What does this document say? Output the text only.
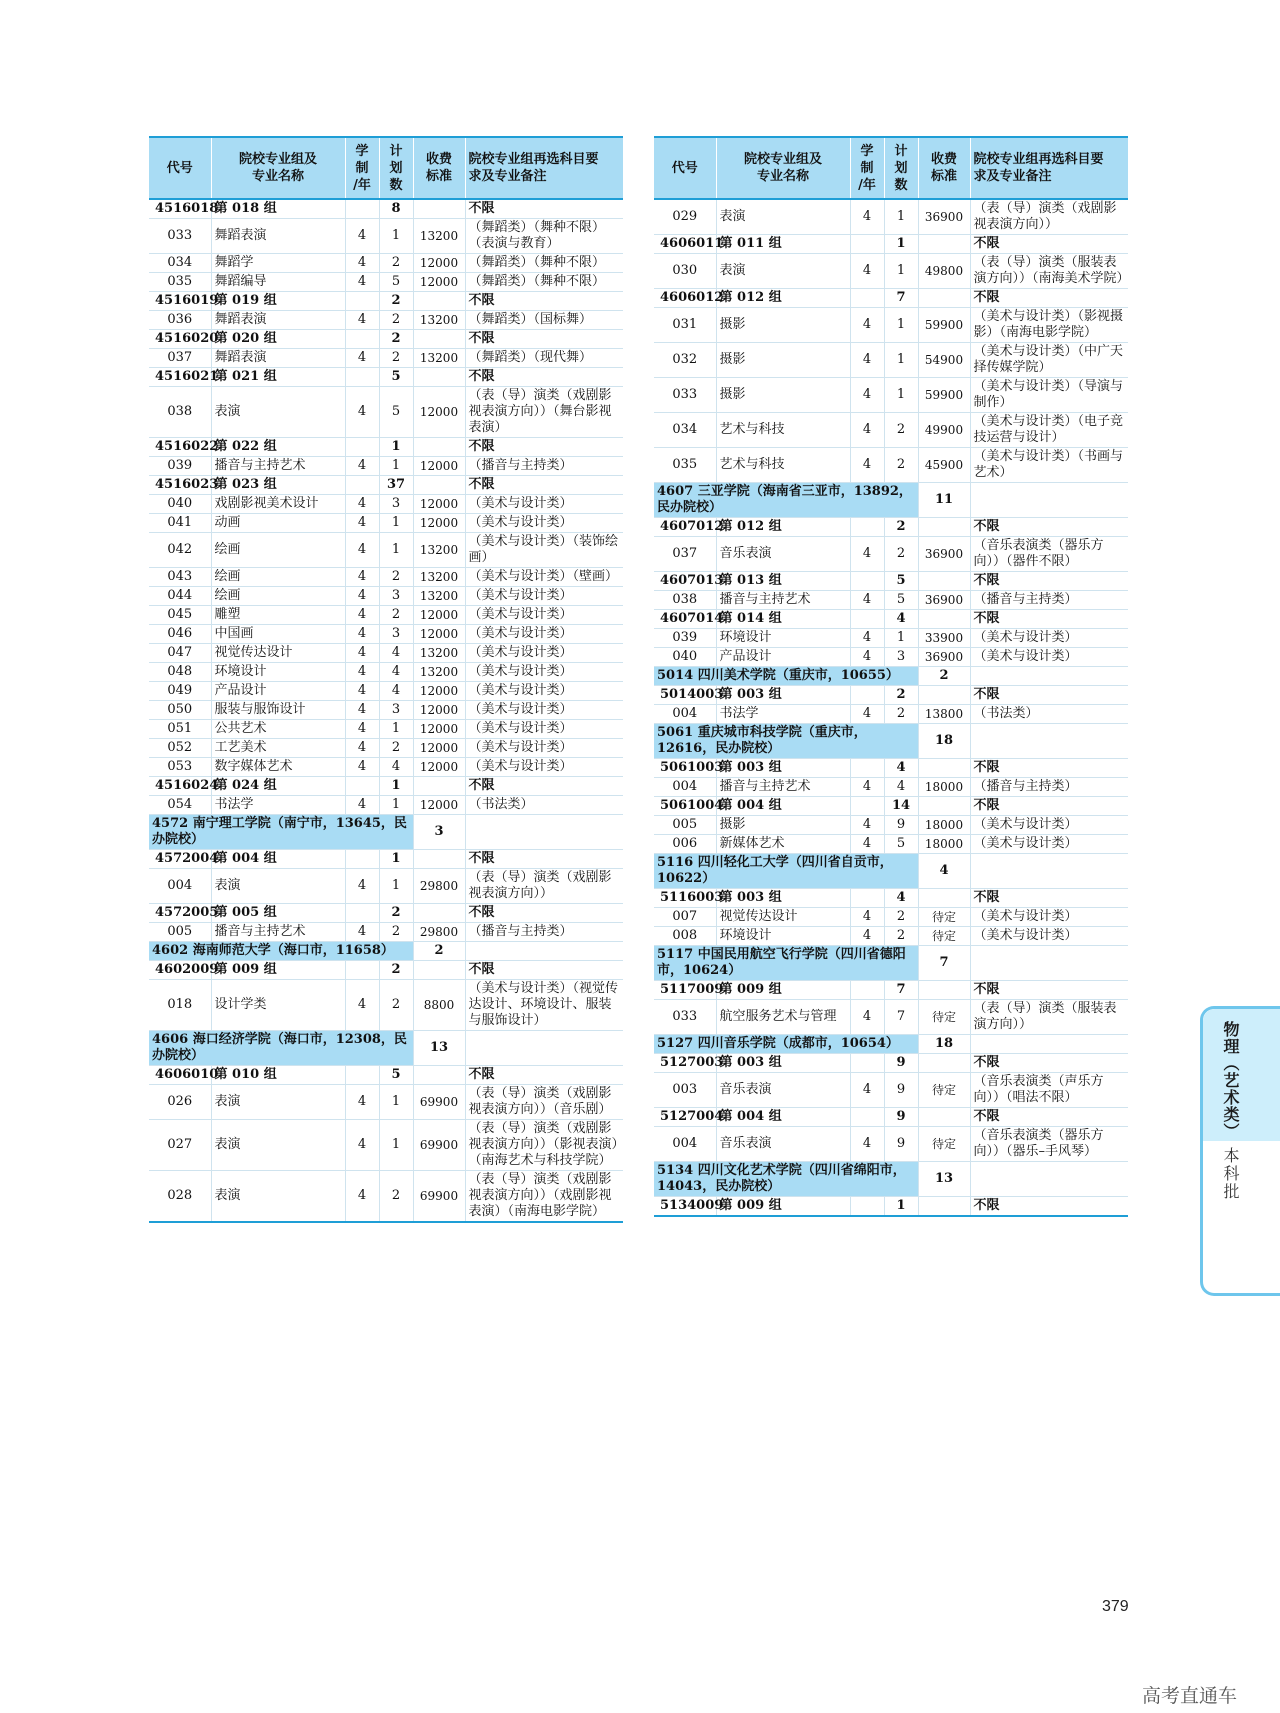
代号	院校专业组及
专业名称	学
制
/年	计
划
数	收费
标准	院校专业组再选科目要
求及专业备注
4516018	第 018 组		8		不限
033	舞蹈表演	4	1	13200	（舞蹈类）（舞种不限）（表演与教育）
034	舞蹈学	4	2	12000	（舞蹈类）（舞种不限）
035	舞蹈编导	4	5	12000	（舞蹈类）（舞种不限）
4516019	第 019 组		2		不限
036	舞蹈表演	4	2	13200	（舞蹈类）（国标舞）
4516020	第 020 组		2		不限
037	舞蹈表演	4	2	13200	（舞蹈类）（现代舞）
4516021	第 021 组		5		不限
038	表演	4	5	12000	（表（导）演类（戏剧影视表演方向））（舞台影视表演）
4516022	第 022 组		1		不限
039	播音与主持艺术	4	1	12000	（播音与主持类）
4516023	第 023 组		37		不限
040	戏剧影视美术设计	4	3	12000	（美术与设计类）
041	动画	4	1	12000	（美术与设计类）
042	绘画	4	1	13200	（美术与设计类）（装饰绘画）
043	绘画	4	2	13200	（美术与设计类）（壁画）
044	绘画	4	3	13200	（美术与设计类）
045	雕塑	4	2	12000	（美术与设计类）
046	中国画	4	3	12000	（美术与设计类）
047	视觉传达设计	4	4	13200	（美术与设计类）
048	环境设计	4	4	13200	（美术与设计类）
049	产品设计	4	4	12000	（美术与设计类）
050	服装与服饰设计	4	3	12000	（美术与设计类）
051	公共艺术	4	1	12000	（美术与设计类）
052	工艺美术	4	2	12000	（美术与设计类）
053	数字媒体艺术	4	4	12000	（美术与设计类）
4516024	第 024 组		1		不限
054	书法学	4	1	12000	（书法类）
4572 南宁理工学院（南宁市，13645，民办院校）				3	
4572004	第 004 组		1		不限
004	表演	4	1	29800	（表（导）演类（戏剧影视表演方向））
4572005	第 005 组		2		不限
005	播音与主持艺术	4	2	29800	（播音与主持类）
4602 海南师范大学（海口市，11658）				2	
4602009	第 009 组		2		不限
018	设计学类	4	2	8800	（美术与设计类）（视觉传达设计、环境设计、服装与服饰设计）
4606 海口经济学院（海口市，12308，民办院校）				13	
4606010	第 010 组		5		不限
026	表演	4	1	69900	（表（导）演类（戏剧影视表演方向））（音乐剧）
027	表演	4	1	69900	（表（导）演类（戏剧影视表演方向））（影视表演）（南海艺术与科技学院）
028	表演	4	2	69900	（表（导）演类（戏剧影视表演方向））（戏剧影视表演）（南海电影学院）
代号	院校专业组及
专业名称	学
制
/年	计
划
数	收费
标准	院校专业组再选科目要
求及专业备注
029	表演	4	1	36900	（表（导）演类（戏剧影视表演方向））
4606011	第 011 组		1		不限
030	表演	4	1	49800	（表（导）演类（服装表演方向））（南海美术学院）
4606012	第 012 组		7		不限
031	摄影	4	1	59900	（美术与设计类）（影视摄影）（南海电影学院）
032	摄影	4	1	54900	（美术与设计类）（中广天择传媒学院）
033	摄影	4	1	59900	（美术与设计类）（导演与制作）
034	艺术与科技	4	2	49900	（美术与设计类）（电子竞技运营与设计）
035	艺术与科技	4	2	45900	（美术与设计类）（书画与艺术）
4607 三亚学院（海南省三亚市，13892，民办院校）				11	
4607012	第 012 组		2		不限
037	音乐表演	4	2	36900	（音乐表演类（器乐方向））（器件不限）
4607013	第 013 组		5		不限
038	播音与主持艺术	4	5	36900	（播音与主持类）
4607014	第 014 组		4		不限
039	环境设计	4	1	33900	（美术与设计类）
040	产品设计	4	3	36900	（美术与设计类）
5014 四川美术学院（重庆市，10655）				2	
5014003	第 003 组		2		不限
004	书法学	4	2	13800	（书法类）
5061 重庆城市科技学院（重庆市，12616，民办院校）				18	
5061003	第 003 组		4		不限
004	播音与主持艺术	4	4	18000	（播音与主持类）
5061004	第 004 组		14		不限
005	摄影	4	9	18000	（美术与设计类）
006	新媒体艺术	4	5	18000	（美术与设计类）
5116 四川轻化工大学（四川省自贡市，10622）				4	
5116003	第 003 组		4		不限
007	视觉传达设计	4	2	待定	（美术与设计类）
008	环境设计	4	2	待定	（美术与设计类）
5117 中国民用航空飞行学院（四川省德阳市，10624）				7	
5117009	第 009 组		7		不限
033	航空服务艺术与管理	4	7	待定	（表（导）演类（服装表演方向））
5127 四川音乐学院（成都市，10654）				18	
5127003	第 003 组		9		不限
003	音乐表演	4	9	待定	（音乐表演类（声乐方向））（唱法不限）
5127004	第 004 组		9		不限
004	音乐表演	4	9	待定	（音乐表演类（器乐方向））（器乐–手风琴）
5134 四川文化艺术学院（四川省绵阳市，14043，民办院校）				13	
5134009	第 009 组		1		不限
物理（艺术类）
本科批
379
高考直通车
